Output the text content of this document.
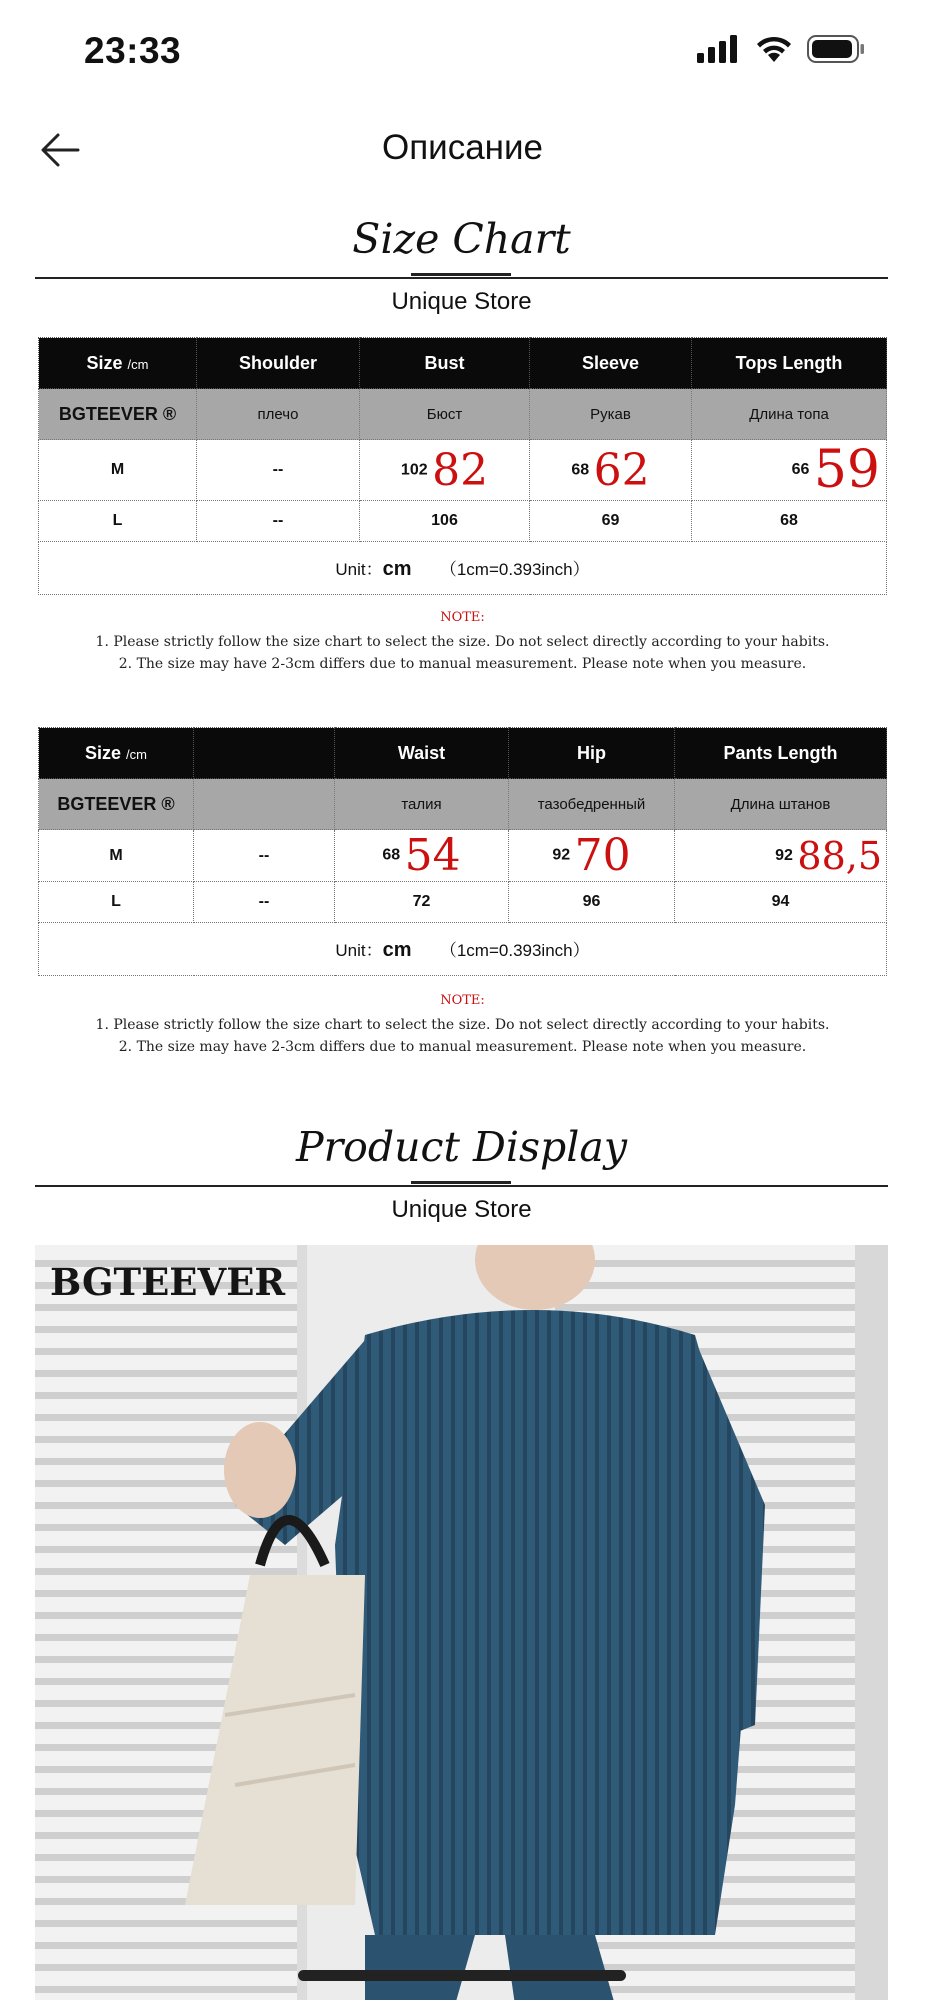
23:33
Описание
Size Chart
Unique Store
Size /cm	Shoulder	Bust	Sleeve	Tops Length
BGTEEVER ®	плечо	Бюст	Рукав	Длина топа
M	--	102 82	68 62	66 59
L	--	106	69	68
Unit：cm （1cm=0.393inch）				
NOTE:
1. Please strictly follow the size chart to select the size. Do not select directly according to your habits.
2. The size may have 2-3cm differs due to manual measurement. Please note when you measure.
Size /cm		Waist	Hip	Pants Length
BGTEEVER ®		талия	тазобедренный	Длина штанов
M	--	68 54	92 70	92 88,5
L	--	72	96	94
Unit：cm （1cm=0.393inch）				
NOTE:
1. Please strictly follow the size chart to select the size. Do not select directly according to your habits.
2. The size may have 2-3cm differs due to manual measurement. Please note when you measure.
Product Display
Unique Store
BGTEEVER
